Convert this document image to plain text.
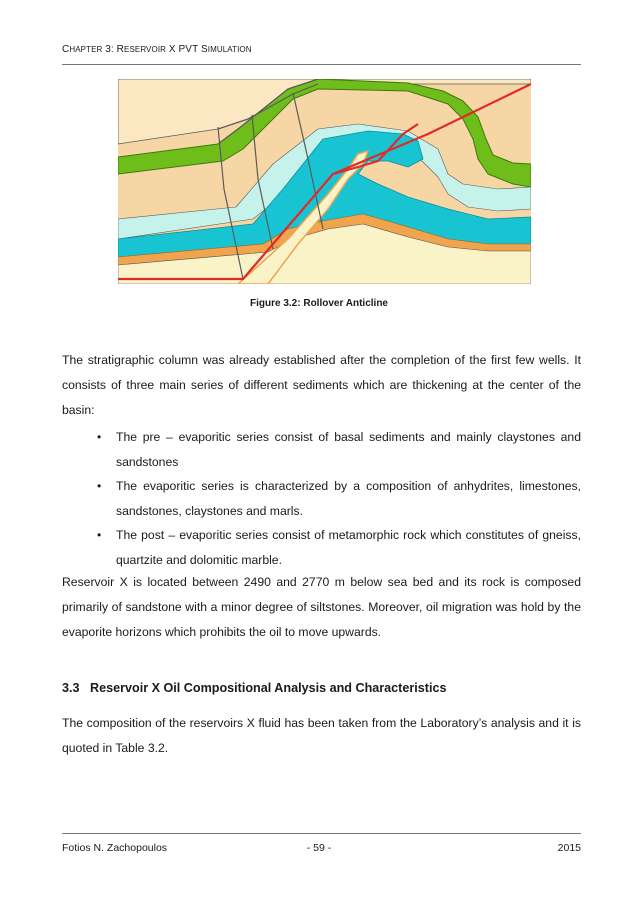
CHAPTER 3: RESERVOIR X PVT SIMULATION
Figure 3.2: Rollover Anticline
The stratigraphic column was already established after the completion of the first few wells. It consists of three main series of different sediments which are thickening at the center of the basin:
• The pre – evaporitic series consist of basal sediments and mainly claystones and sandstones
• The evaporitic series is characterized by a composition of anhydrites, limestones, sandstones, claystones and marls.
• The post – evaporitic series consist of metamorphic rock which constitutes of gneiss, quartzite and dolomitic marble.
Reservoir X is located between 2490 and 2770 m below sea bed and its rock is composed primarily of sandstone with a minor degree of siltstones. Moreover, oil migration was hold by the evaporite horizons which prohibits the oil to move upwards.
3.3 Reservoir X Oil Compositional Analysis and Characteristics
The composition of the reservoirs X fluid has been taken from the Laboratory’s analysis and it is quoted in Table 3.2.
Fotios N. Zachopoulos	- 59 -	2015
